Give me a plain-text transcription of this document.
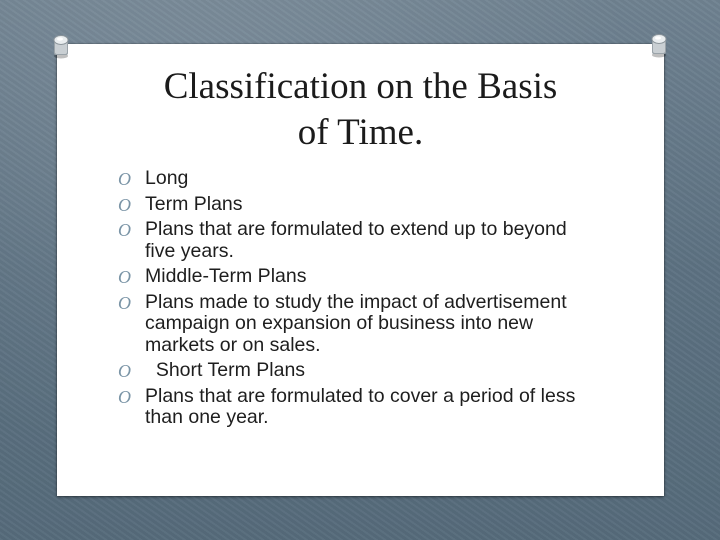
Classification on the Basis
of Time.
O Long
O Term Plans
O Plans that are formulated to extend up to beyond five years.
O Middle-Term Plans
O Plans made to study the impact of advertisement campaign on expansion of business into new markets or on sales.
O Short Term Plans
O Plans that are formulated to cover a period of less than one year.
